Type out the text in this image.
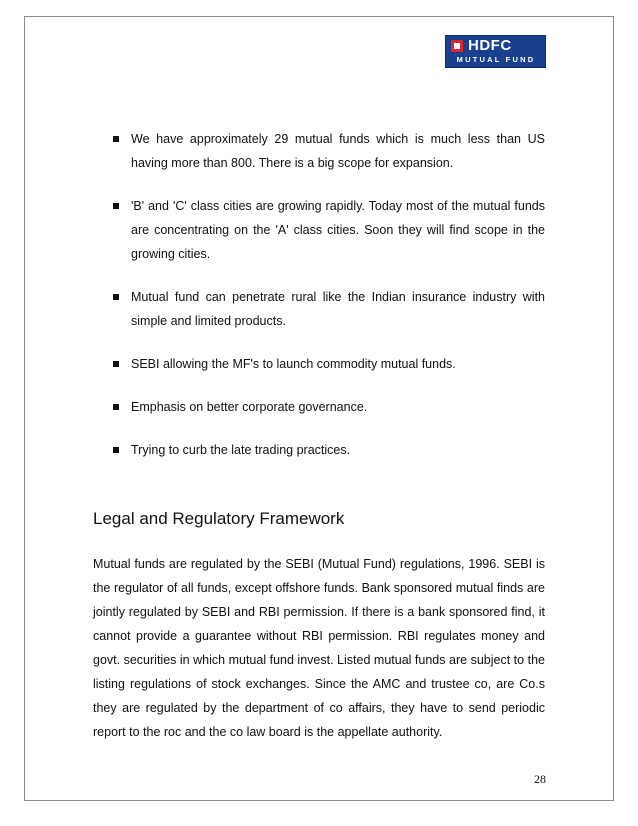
HDFC
MUTUAL FUND
We have approximately 29 mutual funds which is much less than US having more than 800. There is a big scope for expansion.
'B' and 'C' class cities are growing rapidly. Today most of the mutual funds are concentrating on the 'A' class cities. Soon they will find scope in the growing cities.
Mutual fund can penetrate rural like the Indian insurance industry with simple and limited products.
SEBI allowing the MF's to launch commodity mutual funds.
Emphasis on better corporate governance.
Trying to curb the late trading practices.
Legal and Regulatory Framework

Mutual funds are regulated by the SEBI (Mutual Fund) regulations, 1996. SEBI is the regulator of all funds, except offshore funds. Bank sponsored mutual finds are jointly regulated by SEBI and RBI permission. If there is a bank sponsored find, it cannot provide a guarantee without RBI permission. RBI regulates money and govt. securities in which mutual fund invest. Listed mutual funds are subject to the listing regulations of stock exchanges. Since the AMC and trustee co, are Co.s they are regulated by the department of co affairs, they have to send periodic report to the roc and the co law board is the appellate authority.

28
